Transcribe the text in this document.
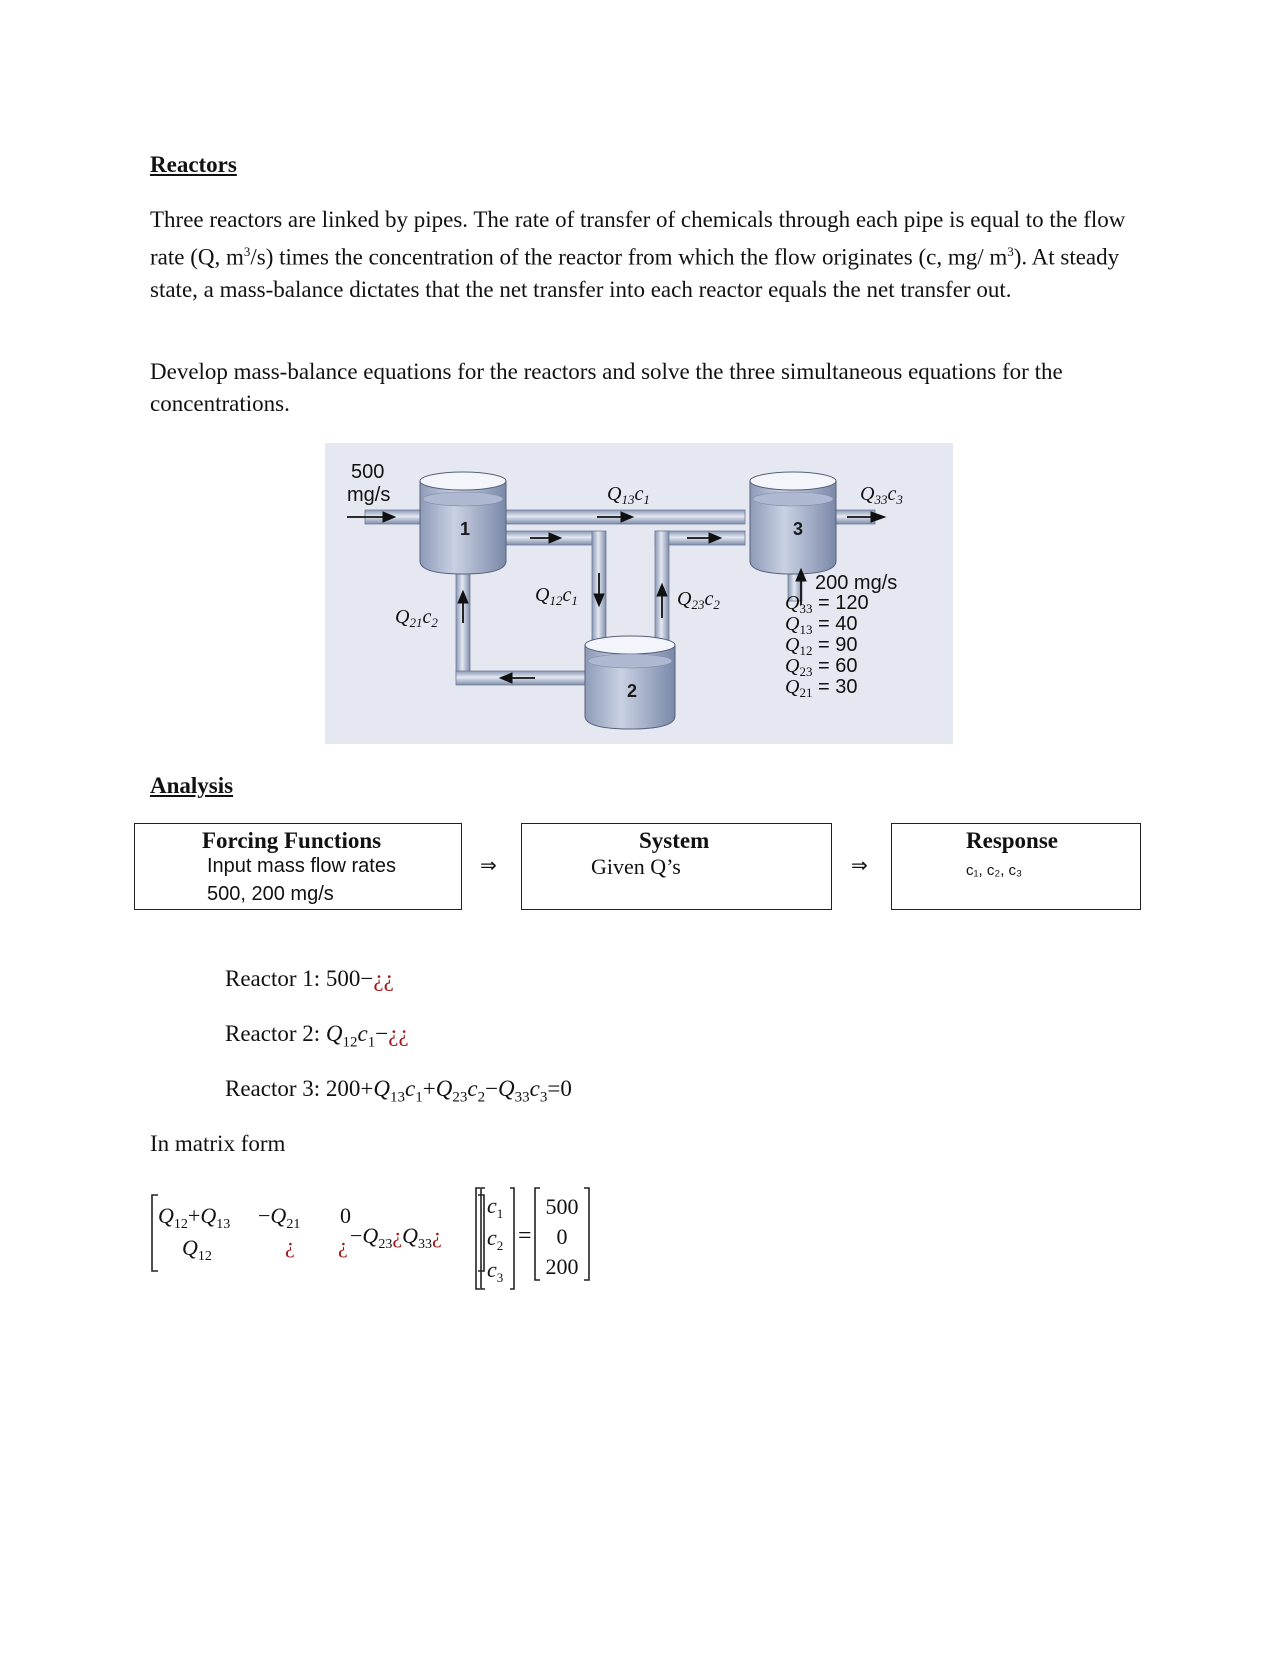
Reactors
Three reactors are linked by pipes. The rate of transfer of chemicals through each pipe is equal to the flow rate (Q, $m^3/s$) times the concentration of the reactor from which the flow originates (c, mg/ $m^3$). At steady state, a mass-balance dictates that the net transfer into each reactor equals the net transfer out.
Develop mass-balance equations for the reactors and solve the three simultaneous equations for the concentrations.
1
2
3
500
mg/s
200 mg/s
$Q_{13}c_1$	$Q_{33}c_3$
$Q_{12}c_1$	$Q_{23}c_2$
$Q_{21}c_2$
$Q_{33} = 120$
$Q_{13} = 40$
$Q_{12} = 90$
$Q_{23} = 60$
$Q_{21} = 30$
Analysis
Forcing Functions
Input mass flow rates
500, 200 mg/s
⇒
System
Given Q’s	⇒
Response
c₁, c₂, c₃
Reactor 1: 500−¿¿
Reactor 2: $Q_{12}c_1-¿¿$
Reactor 3: $200+Q_{13}c_1+Q_{23}c_2-Q_{33}c_3=0$
In matrix form
$Q_{12}+Q_{13} -Q_{21}$ 0
$Q_{12}$	¿ ¿ $-Q_{23}¿Q_{33}¿$
$c_1$
$c_2$
$c_3$
=
500
0
200
